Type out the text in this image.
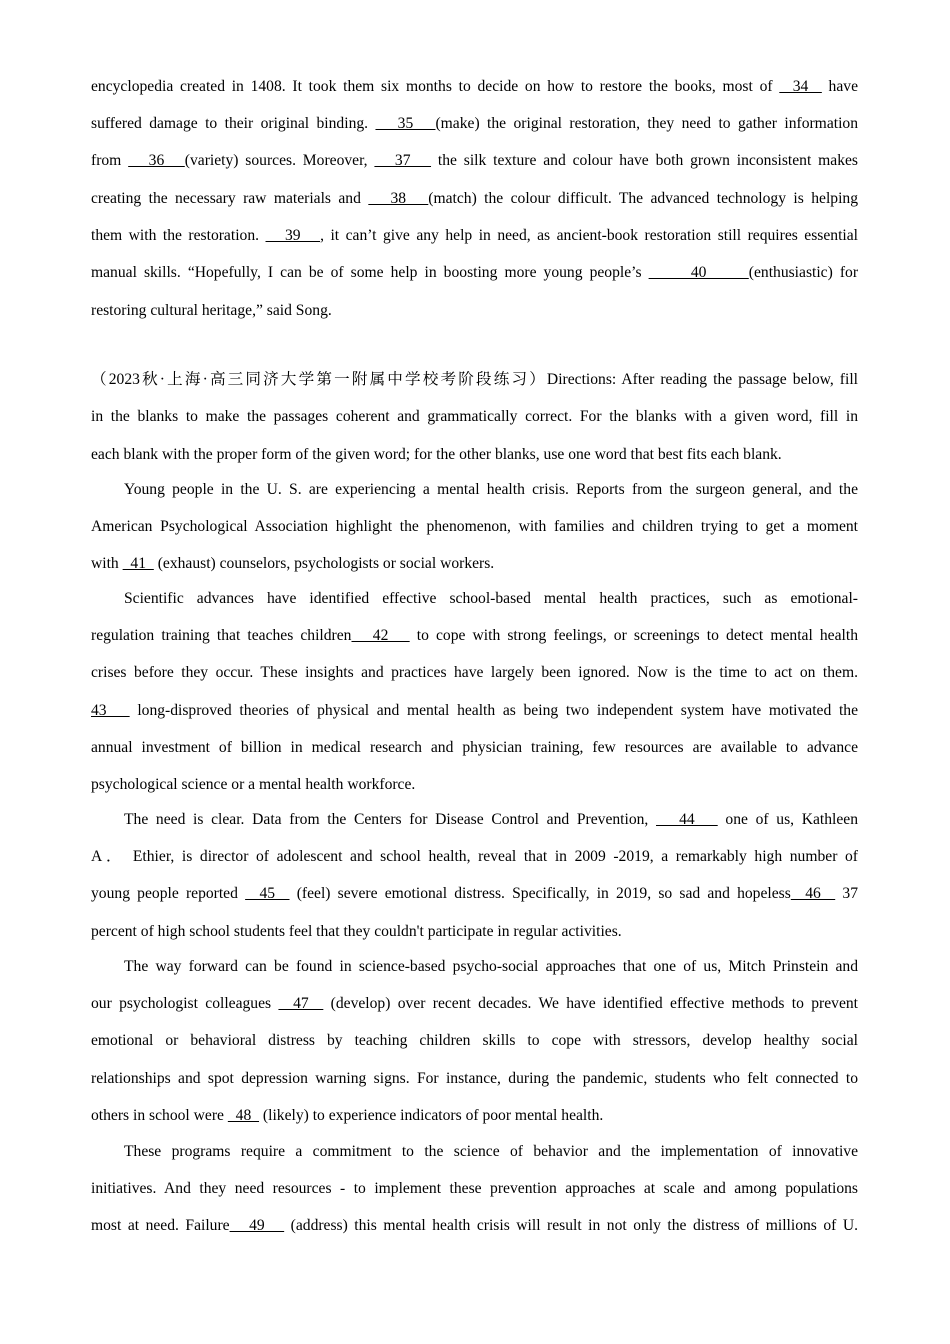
encyclopedia created in 1408. It took them six months to decide on how to restore the books, most of   34   have
suffered damage to their original binding.    35   (make) the original restoration, they need to gather information
from    36   (variety) sources. Moreover,    37    the silk texture and colour have both grown inconsistent makes
creating the necessary raw materials and    38   (match) the colour difficult. The advanced technology is helping
them with the restoration.    39   , it can’t give any help in need, as ancient-book restoration still requires essential
manual skills. “Hopefully, I can be of some help in boosting more young people’s       40      (enthusiastic) for
restoring cultural heritage,” said Song.
（2023秋·上海·高三同济大学第一附属中学校考阶段练习）Directions: After reading the passage below, fill
in the blanks to make the passages coherent and grammatically correct. For the blanks with a given word, fill in
each blank with the proper form of the given word; for the other blanks, use one word that best fits each blank.
Young people in the U. S. are experiencing a mental health crisis. Reports from the surgeon general, and the
American Psychological Association highlight the phenomenon, with families and children trying to get a moment
with   41   (exhaust) counselors, psychologists or social workers.
Scientific advances have identified effective school-based mental health practices, such as emotional-
regulation training that teaches children   42    to cope with strong feelings, or screenings to detect mental health
crises before they occur. These insights and practices have largely been ignored. Now is the time to act on them.
43    long-disproved theories of physical and mental health as being two independent system have motivated the
annual investment of billion in medical research and physician training, few resources are available to advance
psychological science or a mental health workforce.
The need is clear. Data from the Centers for Disease Control and Prevention,    44    one of us, Kathleen
A． Ethier, is director of adolescent and school health, reveal that in 2009 -2019, a remarkably high number of
young people reported   45   (feel) severe emotional distress. Specifically, in 2019, so sad and hopeless  46   37
percent of high school students feel that they couldn't participate in regular activities.
The way forward can be found in science-based psycho-social approaches that one of us, Mitch Prinstein and
our psychologist colleagues   47   (develop) over recent decades. We have identified effective methods to prevent
emotional or behavioral distress by teaching children skills to cope with stressors, develop healthy social
relationships and spot depression warning signs. For instance, during the pandemic, students who felt connected to
others in school were   48   (likely) to experience indicators of poor mental health.
These programs require a commitment to the science of behavior and the implementation of innovative
initiatives. And they need resources - to implement these prevention approaches at scale and among populations
most at need. Failure   49    (address) this mental health crisis will result in not only the distress of millions of U.
